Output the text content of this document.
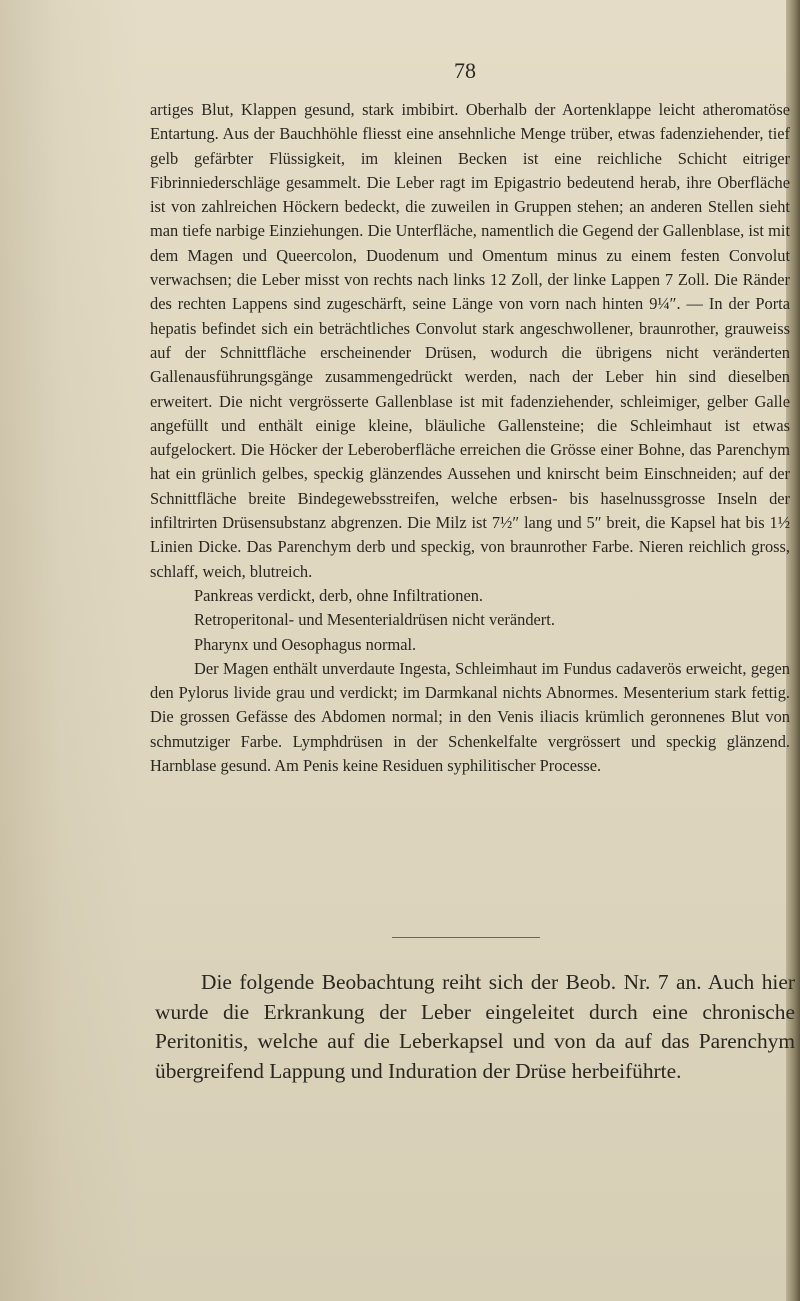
78

artiges Blut, Klappen gesund, stark imbibirt. Oberhalb der Aortenklappe leicht atheromatöse Entartung. Aus der Bauchhöhle fliesst eine ansehnliche Menge trüber, etwas fadenziehender, tief gelb gefärbter Flüssigkeit, im kleinen Becken ist eine reichliche Schicht eitriger Fibrinniederschläge gesammelt. Die Leber ragt im Epigastrio bedeutend herab, ihre Oberfläche ist von zahlreichen Höckern bedeckt, die zuweilen in Gruppen stehen; an anderen Stellen sieht man tiefe narbige Einziehungen. Die Unterfläche, namentlich die Gegend der Gallenblase, ist mit dem Magen und Queercolon, Duodenum und Omentum minus zu einem festen Convolut verwachsen; die Leber misst von rechts nach links 12 Zoll, der linke Lappen 7 Zoll. Die Ränder des rechten Lappens sind zugeschärft, seine Länge von vorn nach hinten 9¼″. — In der Porta hepatis befindet sich ein beträchtliches Convolut stark angeschwollener, braunrother, grauweiss auf der Schnittfläche erscheinender Drüsen, wodurch die übrigens nicht veränderten Gallenausführungsgänge zusammengedrückt werden, nach der Leber hin sind dieselben erweitert. Die nicht vergrösserte Gallenblase ist mit fadenziehender, schleimiger, gelber Galle angefüllt und enthält einige kleine, bläuliche Gallensteine; die Schleimhaut ist etwas aufgelockert. Die Höcker der Leberoberfläche erreichen die Grösse einer Bohne, das Parenchym hat ein grünlich gelbes, speckig glänzendes Aussehen und knirscht beim Einschneiden; auf der Schnittfläche breite Bindegewebsstreifen, welche erbsen- bis haselnussgrosse Inseln der infiltrirten Drüsensubstanz abgrenzen. Die Milz ist 7½″ lang und 5″ breit, die Kapsel hat bis 1½ Linien Dicke. Das Parenchym derb und speckig, von braunrother Farbe. Nieren reichlich gross, schlaff, weich, blutreich.

Pankreas verdickt, derb, ohne Infiltrationen.

Retroperitonal- und Mesenterialdrüsen nicht verändert.

Pharynx und Oesophagus normal.

Der Magen enthält unverdaute Ingesta, Schleimhaut im Fundus cadaverös erweicht, gegen den Pylorus livide grau und verdickt; im Darmkanal nichts Abnormes. Mesenterium stark fettig. Die grossen Gefässe des Abdomen normal; in den Venis iliacis krümlich geronnenes Blut von schmutziger Farbe. Lymphdrüsen in der Schenkelfalte vergrössert und speckig glänzend. Harnblase gesund. Am Penis keine Residuen syphilitischer Processe.

Die folgende Beobachtung reiht sich der Beob. Nr. 7 an. Auch hier wurde die Erkrankung der Leber eingeleitet durch eine chronische Peritonitis, welche auf die Leberkapsel und von da auf das Parenchym übergreifend Lappung und Induration der Drüse herbeiführte.
